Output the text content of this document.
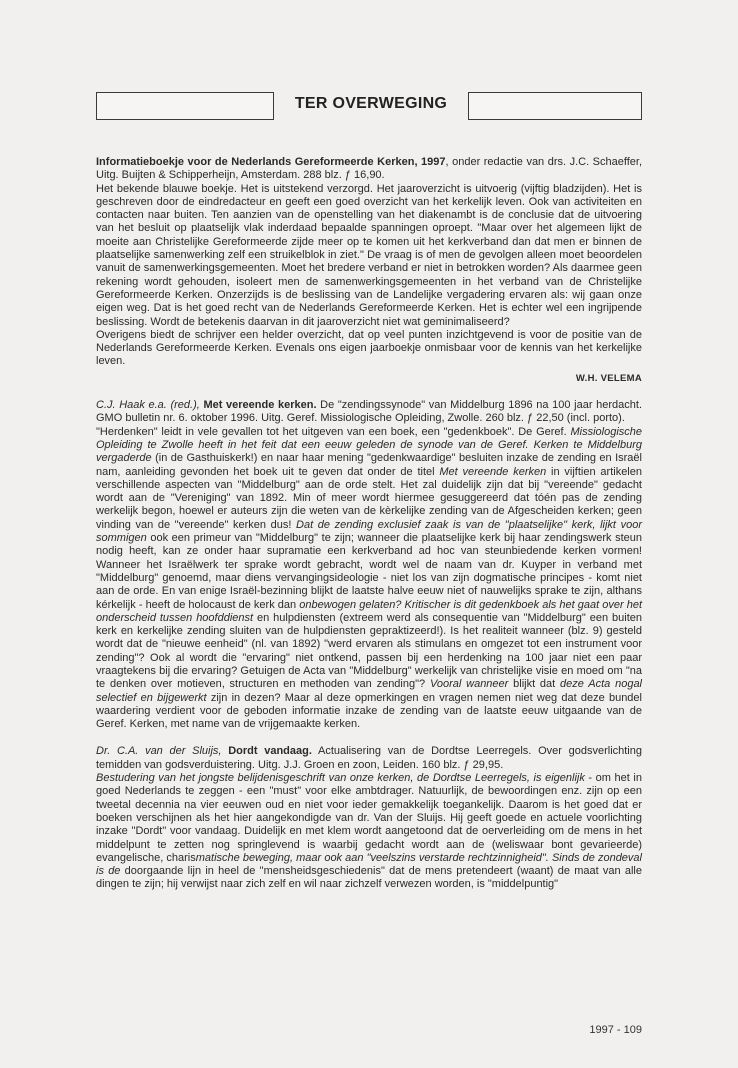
TER OVERWEGING

Informatieboekje voor de Nederlands Gereformeerde Kerken, 1997, onder redactie van drs. J.C. Schaeffer, Uitg. Buijten & Schipperheijn, Amsterdam. 288 blz. ƒ 16,90.

Het bekende blauwe boekje. Het is uitstekend verzorgd. Het jaaroverzicht is uitvoerig (vijftig bladzijden). Het is geschreven door de eindredacteur en geeft een goed overzicht van het kerkelijk leven. Ook van activiteiten en contacten naar buiten. Ten aanzien van de openstelling van het diakenambt is de conclusie dat de uitvoering van het besluit op plaatselijk vlak inderdaad bepaalde spanningen oproept. "Maar over het algemeen lijkt de moeite aan Christelijke Gereformeerde zijde meer op te komen uit het kerkverband dan dat men er binnen de plaatselijke samenwerking zelf een struikelblok in ziet." De vraag is of men de gevolgen alleen moet beoordelen vanuit de samenwerkingsgemeenten. Moet het bredere verband er niet in betrokken worden? Als daarmee geen rekening wordt gehouden, isoleert men de samenwerkingsgemeenten in het verband van de Christelijke Gereformeerde Kerken. Onzerzijds is de beslissing van de Landelijke vergadering ervaren als: wij gaan onze eigen weg. Dat is het goed recht van de Nederlands Gereformeerde Kerken. Het is echter wel een ingrijpende beslissing. Wordt de betekenis daarvan in dit jaaroverzicht niet wat geminimaliseerd?

Overigens biedt de schrijver een helder overzicht, dat op veel punten inzichtgevend is voor de positie van de Nederlands Gereformeerde Kerken. Evenals ons eigen jaarboekje onmisbaar voor de kennis van het kerkelijke leven.

W.H. VELEMA

C.J. Haak e.a. (red.), Met vereende kerken. De "zendingssynode" van Middelburg 1896 na 100 jaar herdacht. GMO bulletin nr. 6. oktober 1996. Uitg. Geref. Missiologische Opleiding, Zwolle. 260 blz. ƒ 22,50 (incl. porto).

"Herdenken" leidt in vele gevallen tot het uitgeven van een boek, een "gedenkboek". De Geref. Missiologische Opleiding te Zwolle heeft in het feit dat een eeuw geleden de synode van de Geref. Kerken te Middelburg vergaderde (in de Gasthuiskerk!) en naar haar mening "gedenkwaardige" besluiten inzake de zending en Israël nam, aanleiding gevonden het boek uit te geven dat onder de titel Met vereende kerken in vijftien artikelen verschillende aspecten van "Middelburg" aan de orde stelt. Het zal duidelijk zijn dat bij "vereende" gedacht wordt aan de "Vereniging" van 1892. Min of meer wordt hiermee gesuggereerd dat tóén pas de zending werkelijk begon, hoewel er auteurs zijn die weten van de kèrkelijke zending van de Afgescheiden kerken; geen vinding van de "vereende" kerken dus! Dat de zending exclusief zaak is van de "plaatselijke" kerk, lijkt voor sommigen ook een primeur van "Middelburg" te zijn; wanneer die plaatselijke kerk bij haar zendingswerk steun nodig heeft, kan ze onder haar supramatie een kerkverband ad hoc van steunbiedende kerken vormen! Wanneer het Israëlwerk ter sprake wordt gebracht, wordt wel de naam van dr. Kuyper in verband met "Middelburg" genoemd, maar diens vervangingsideologie - niet los van zijn dogmatische principes - komt niet aan de orde. En van enige Israël-bezinning blijkt de laatste halve eeuw niet of nauwelijks sprake te zijn, althans kérkelijk - heeft de holocaust de kerk dan onbewogen gelaten? Kritischer is dit gedenkboek als het gaat over het onderscheid tussen hoofddienst en hulpdiensten (extreem werd als consequentie van "Middelburg" een buiten kerk en kerkelijke zending sluiten van de hulpdiensten gepraktizeerd!). Is het realiteit wanneer (blz. 9) gesteld wordt dat de "nieuwe eenheid" (nl. van 1892) "werd ervaren als stimulans en omgezet tot een instrument voor zending"? Ook al wordt die "ervaring" niet ontkend, passen bij een herdenking na 100 jaar niet een paar vraagtekens bij die ervaring? Getuigen de Acta van "Middelburg" werkelijk van christelijke visie en moed om "na te denken over motieven, structuren en methoden van zending"? Vooral wanneer blijkt dat deze Acta nogal selectief en bijgewerkt zijn in dezen? Maar al deze opmerkingen en vragen nemen niet weg dat deze bundel waardering verdient voor de geboden informatie inzake de zending van de laatste eeuw uitgaande van de Geref. Kerken, met name van de vrijgemaakte kerken.

Dr. C.A. van der Sluijs, Dordt vandaag. Actualisering van de Dordtse Leerregels. Over godsverlichting temidden van godsverduistering. Uitg. J.J. Groen en zoon, Leiden. 160 blz. ƒ 29,95.

Bestudering van het jongste belijdenisgeschrift van onze kerken, de Dordtse Leerregels, is eigenlijk - om het in goed Nederlands te zeggen - een "must" voor elke ambtdrager. Natuurlijk, de bewoordingen enz. zijn op een tweetal decennia na vier eeuwen oud en niet voor ieder gemakkelijk toegankelijk. Daarom is het goed dat er boeken verschijnen als het hier aangekondigde van dr. Van der Sluijs. Hij geeft goede en actuele voorlichting inzake "Dordt" voor vandaag. Duidelijk en met klem wordt aangetoond dat de oerverleiding om de mens in het middelpunt te zetten nog springlevend is waarbij gedacht wordt aan de (weliswaar bont gevarieerde) evangelische, charismatische beweging, maar ook aan "veelszins verstarde rechtzinnigheid". Sinds de zondeval is de doorgaande lijn in heel de "mensheidsgeschiedenis" dat de mens pretendeert (waant) de maat van alle dingen te zijn; hij verwijst naar zich zelf en wil naar zichzelf verwezen worden, is "middelpuntig"

1997 - 109
